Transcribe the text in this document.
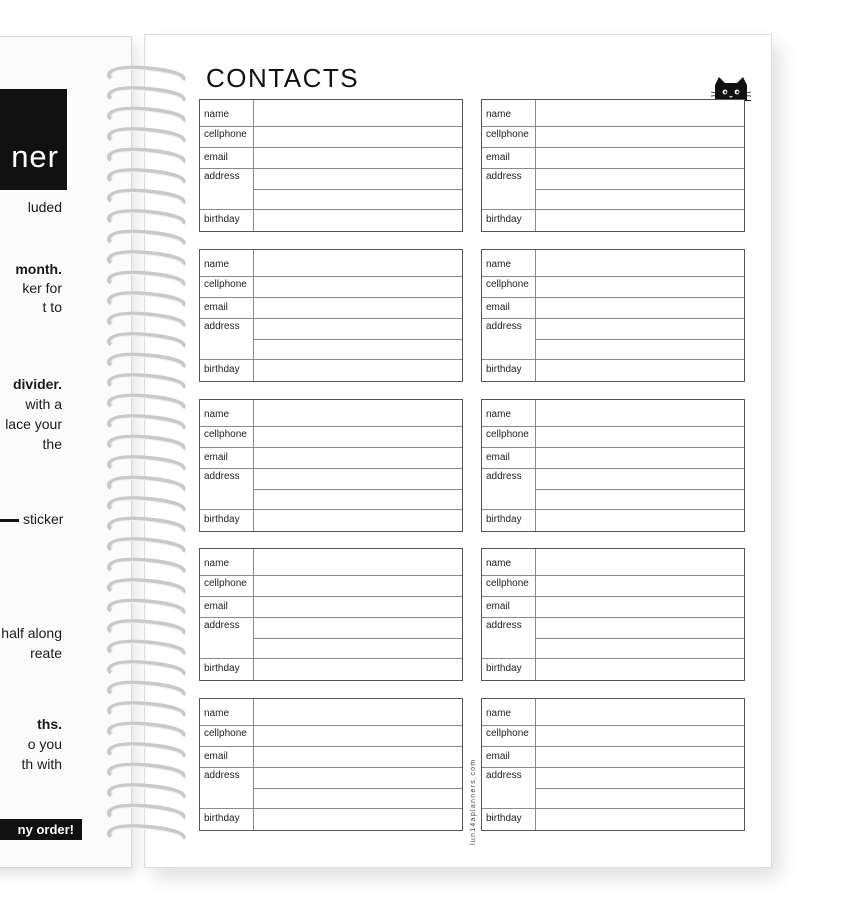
ner
luded
month.
ker for
t to
divider.
with a
lace your
the
sticker
half along
reate
ths.
o you
th with
ny order!
CONTACTS
name
cellphone
email
address
birthday
name
cellphone
email
address
birthday
name
cellphone
email
address
birthday
name
cellphone
email
address
birthday
name
cellphone
email
address
birthday
name
cellphone
email
address
birthday
name
cellphone
email
address
birthday
name
cellphone
email
address
birthday
name
cellphone
email
address
birthday
name
cellphone
email
address
birthday
lun14aplanners.com
